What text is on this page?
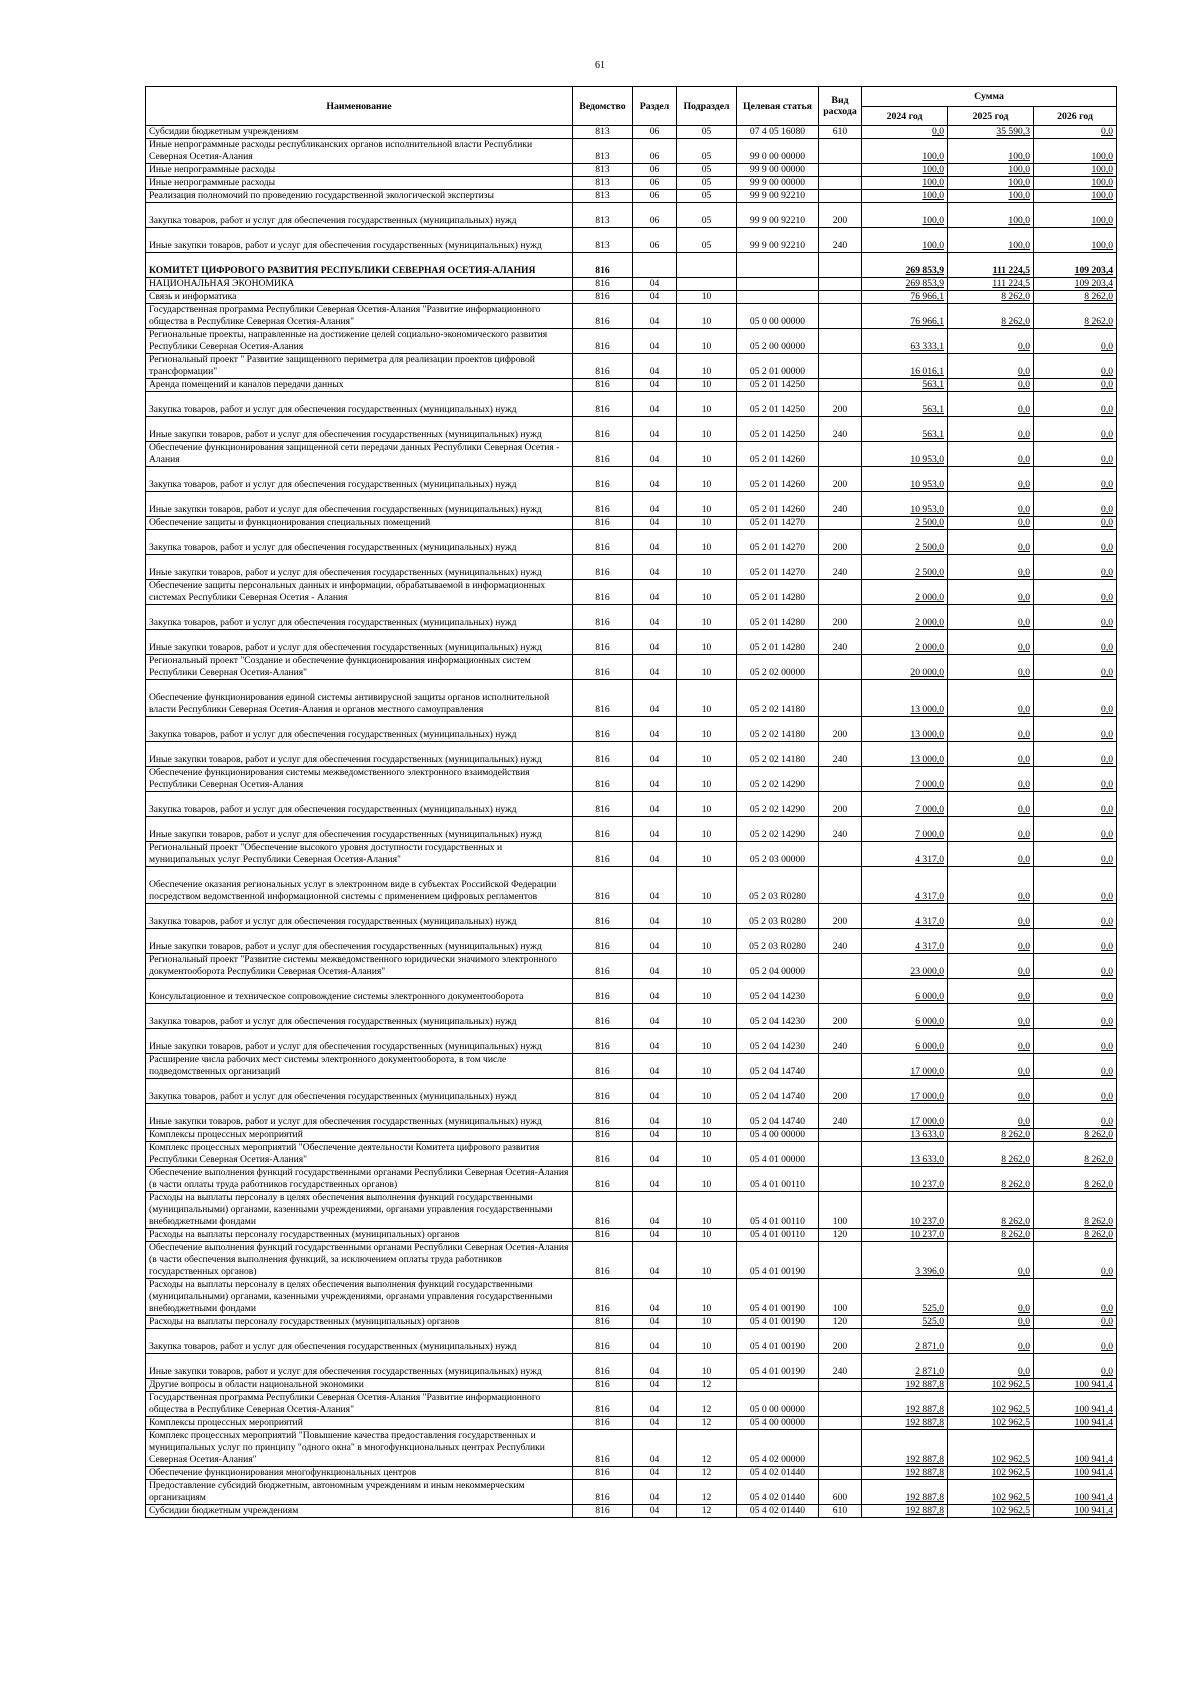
61
Наименование	Ведомство	Раздел	Подраздел	Целевая статья	Вид расхода	Сумма		
						2024 год	2025 год	2026 год
Субсидии бюджетным учреждениям	813	06	05	07 4 05 16080	610	0,0	35 590,3	0,0
Иные непрограммные расходы республиканских органов исполнительной власти Республики Северная Осетия-Алания	813	06	05	99 0 00 00000		100,0	100,0	100,0
Иные непрограммные расходы	813	06	05	99 9 00 00000		100,0	100,0	100,0
Иные непрограммные расходы	813	06	05	99 9 00 00000		100,0	100,0	100,0
Реализация полномочий по проведению государственной экологической экспертизы	813	06	05	99 9 00 92210		100,0	100,0	100,0
Закупка товаров, работ и услуг для обеспечения государственных (муниципальных) нужд	813	06	05	99 9 00 92210	200	100,0	100,0	100,0
Иные закупки товаров, работ и услуг для обеспечения государственных (муниципальных) нужд	813	06	05	99 9 00 92210	240	100,0	100,0	100,0
КОМИТЕТ ЦИФРОВОГО РАЗВИТИЯ РЕСПУБЛИКИ СЕВЕРНАЯ ОСЕТИЯ-АЛАНИЯ	816					269 853,9	111 224,5	109 203,4
НАЦИОНАЛЬНАЯ ЭКОНОМИКА	816	04				269 853,9	111 224,5	109 203,4
Связь и информатика	816	04	10			76 966,1	8 262,0	8 262,0
Государственная программа Республики Северная Осетия-Алания "Развитие информационного общества в Республике Северная Осетия-Алания"	816	04	10	05 0 00 00000		76 966,1	8 262,0	8 262,0
Региональные проекты, направленные на достижение целей социально-экономического развития Республики Северная Осетия-Алания	816	04	10	05 2 00 00000		63 333,1	0,0	0,0
Региональный проект " Развитие защищенного периметра для реализации проектов цифровой трансформации"	816	04	10	05 2 01 00000		16 016,1	0,0	0,0
Аренда помещений и каналов передачи данных	816	04	10	05 2 01 14250		563,1	0,0	0,0
Закупка товаров, работ и услуг для обеспечения государственных (муниципальных) нужд	816	04	10	05 2 01 14250	200	563,1	0,0	0,0
Иные закупки товаров, работ и услуг для обеспечения государственных (муниципальных) нужд	816	04	10	05 2 01 14250	240	563,1	0,0	0,0
Обеспечение функционирования защищенной сети передачи данных Республики Северная Осетия - Алания	816	04	10	05 2 01 14260		10 953,0	0,0	0,0
Закупка товаров, работ и услуг для обеспечения государственных (муниципальных) нужд	816	04	10	05 2 01 14260	200	10 953,0	0,0	0,0
Иные закупки товаров, работ и услуг для обеспечения государственных (муниципальных) нужд	816	04	10	05 2 01 14260	240	10 953,0	0,0	0,0
Обеспечение защиты и функционирования специальных помещений	816	04	10	05 2 01 14270		2 500,0	0,0	0,0
Закупка товаров, работ и услуг для обеспечения государственных (муниципальных) нужд	816	04	10	05 2 01 14270	200	2 500,0	0,0	0,0
Иные закупки товаров, работ и услуг для обеспечения государственных (муниципальных) нужд	816	04	10	05 2 01 14270	240	2 500,0	0,0	0,0
Обеспечение защиты персональных данных и информации, обрабатываемой в информационных системах Республики Северная Осетия - Алания	816	04	10	05 2 01 14280		2 000,0	0,0	0,0
Закупка товаров, работ и услуг для обеспечения государственных (муниципальных) нужд	816	04	10	05 2 01 14280	200	2 000,0	0,0	0,0
Иные закупки товаров, работ и услуг для обеспечения государственных (муниципальных) нужд	816	04	10	05 2 01 14280	240	2 000,0	0,0	0,0
Региональный проект "Создание и обеспечение функционирования информационных систем Республики Северная Осетия-Алания"	816	04	10	05 2 02 00000		20 000,0	0,0	0,0
Обеспечение функционирования единой системы антивирусной защиты органов исполнительной власти Республики Северная Осетия-Алания и органов местного самоуправления	816	04	10	05 2 02 14180		13 000,0	0,0	0,0
Закупка товаров, работ и услуг для обеспечения государственных (муниципальных) нужд	816	04	10	05 2 02 14180	200	13 000,0	0,0	0,0
Иные закупки товаров, работ и услуг для обеспечения государственных (муниципальных) нужд	816	04	10	05 2 02 14180	240	13 000,0	0,0	0,0
Обеспечение функционирования системы межведомственного электронного взаимодействия Республики Северная Осетия-Алания	816	04	10	05 2 02 14290		7 000,0	0,0	0,0
Закупка товаров, работ и услуг для обеспечения государственных (муниципальных) нужд	816	04	10	05 2 02 14290	200	7 000,0	0,0	0,0
Иные закупки товаров, работ и услуг для обеспечения государственных (муниципальных) нужд	816	04	10	05 2 02 14290	240	7 000,0	0,0	0,0
Региональный проект "Обеспечение высокого уровня доступности государственных и муниципальных услуг Республики Северная Осетия-Алания"	816	04	10	05 2 03 00000		4 317,0	0,0	0,0
Обеспечение оказания региональных услуг в электронном виде в субъектах Российской Федерации посредством ведомственной информационной системы с применением цифровых регламентов	816	04	10	05 2 03 R0280		4 317,0	0,0	0,0
Закупка товаров, работ и услуг для обеспечения государственных (муниципальных) нужд	816	04	10	05 2 03 R0280	200	4 317,0	0,0	0,0
Иные закупки товаров, работ и услуг для обеспечения государственных (муниципальных) нужд	816	04	10	05 2 03 R0280	240	4 317,0	0,0	0,0
Региональный проект "Развитие системы межведомственного юридически значимого электронного документооборота Республики Северная Осетия-Алания"	816	04	10	05 2 04 00000		23 000,0	0,0	0,0
Консультационное и техническое сопровождение системы электронного документооборота	816	04	10	05 2 04 14230		6 000,0	0,0	0,0
Закупка товаров, работ и услуг для обеспечения государственных (муниципальных) нужд	816	04	10	05 2 04 14230	200	6 000,0	0,0	0,0
Иные закупки товаров, работ и услуг для обеспечения государственных (муниципальных) нужд	816	04	10	05 2 04 14230	240	6 000,0	0,0	0,0
Расширение числа рабочих мест системы электронного документооборота, в том числе подведомственных организаций	816	04	10	05 2 04 14740		17 000,0	0,0	0,0
Закупка товаров, работ и услуг для обеспечения государственных (муниципальных) нужд	816	04	10	05 2 04 14740	200	17 000,0	0,0	0,0
Иные закупки товаров, работ и услуг для обеспечения государственных (муниципальных) нужд	816	04	10	05 2 04 14740	240	17 000,0	0,0	0,0
Комплексы процессных мероприятий	816	04	10	05 4 00 00000		13 633,0	8 262,0	8 262,0
Комплекс процессных мероприятий "Обеспечение деятельности Комитета цифрового развития Республики Северная Осетия-Алания"	816	04	10	05 4 01 00000		13 633,0	8 262,0	8 262,0
Обеспечение выполнения функций государственными органами Республики Северная Осетия-Алания (в части оплаты труда работников государственных органов)	816	04	10	05 4 01 00110		10 237,0	8 262,0	8 262,0
Расходы на выплаты персоналу в целях обеспечения выполнения функций государственными (муниципальными) органами, казенными учреждениями, органами управления государственными внебюджетными фондами	816	04	10	05 4 01 00110	100	10 237,0	8 262,0	8 262,0
Расходы на выплаты персоналу государственных (муниципальных) органов	816	04	10	05 4 01 00110	120	10 237,0	8 262,0	8 262,0
Обеспечение выполнения функций государственными органами Республики Северная Осетия-Алания (в части обеспечения выполнения функций, за исключением оплаты труда работников государственных органов)	816	04	10	05 4 01 00190		3 396,0	0,0	0,0
Расходы на выплаты персоналу в целях обеспечения выполнения функций государственными (муниципальными) органами, казенными учреждениями, органами управления государственными внебюджетными фондами	816	04	10	05 4 01 00190	100	525,0	0,0	0,0
Расходы на выплаты персоналу государственных (муниципальных) органов	816	04	10	05 4 01 00190	120	525,0	0,0	0,0
Закупка товаров, работ и услуг для обеспечения государственных (муниципальных) нужд	816	04	10	05 4 01 00190	200	2 871,0	0,0	0,0
Иные закупки товаров, работ и услуг для обеспечения государственных (муниципальных) нужд	816	04	10	05 4 01 00190	240	2 871,0	0,0	0,0
Другие вопросы в области национальной экономики	816	04	12			192 887,8	102 962,5	100 941,4
Государственная программа Республики Северная Осетия-Алания "Развитие информационного общества в Республике Северная Осетия-Алания"	816	04	12	05 0 00 00000		192 887,8	102 962,5	100 941,4
Комплексы процессных мероприятий	816	04	12	05 4 00 00000		192 887,8	102 962,5	100 941,4
Комплекс процессных мероприятий "Повышение качества предоставления государственных и муниципальных услуг по принципу "одного окна" в многофункциональных центрах Республики Северная Осетия-Алания"	816	04	12	05 4 02 00000		192 887,8	102 962,5	100 941,4
Обеспечение функционирования многофункциональных центров	816	04	12	05 4 02 01440		192 887,8	102 962,5	100 941,4
Предоставление субсидий бюджетным, автономным учреждениям и иным некоммерческим организациям	816	04	12	05 4 02 01440	600	192 887,8	102 962,5	100 941,4
Субсидии бюджетным учреждениям	816	04	12	05 4 02 01440	610	192 887,8	102 962,5	100 941,4
